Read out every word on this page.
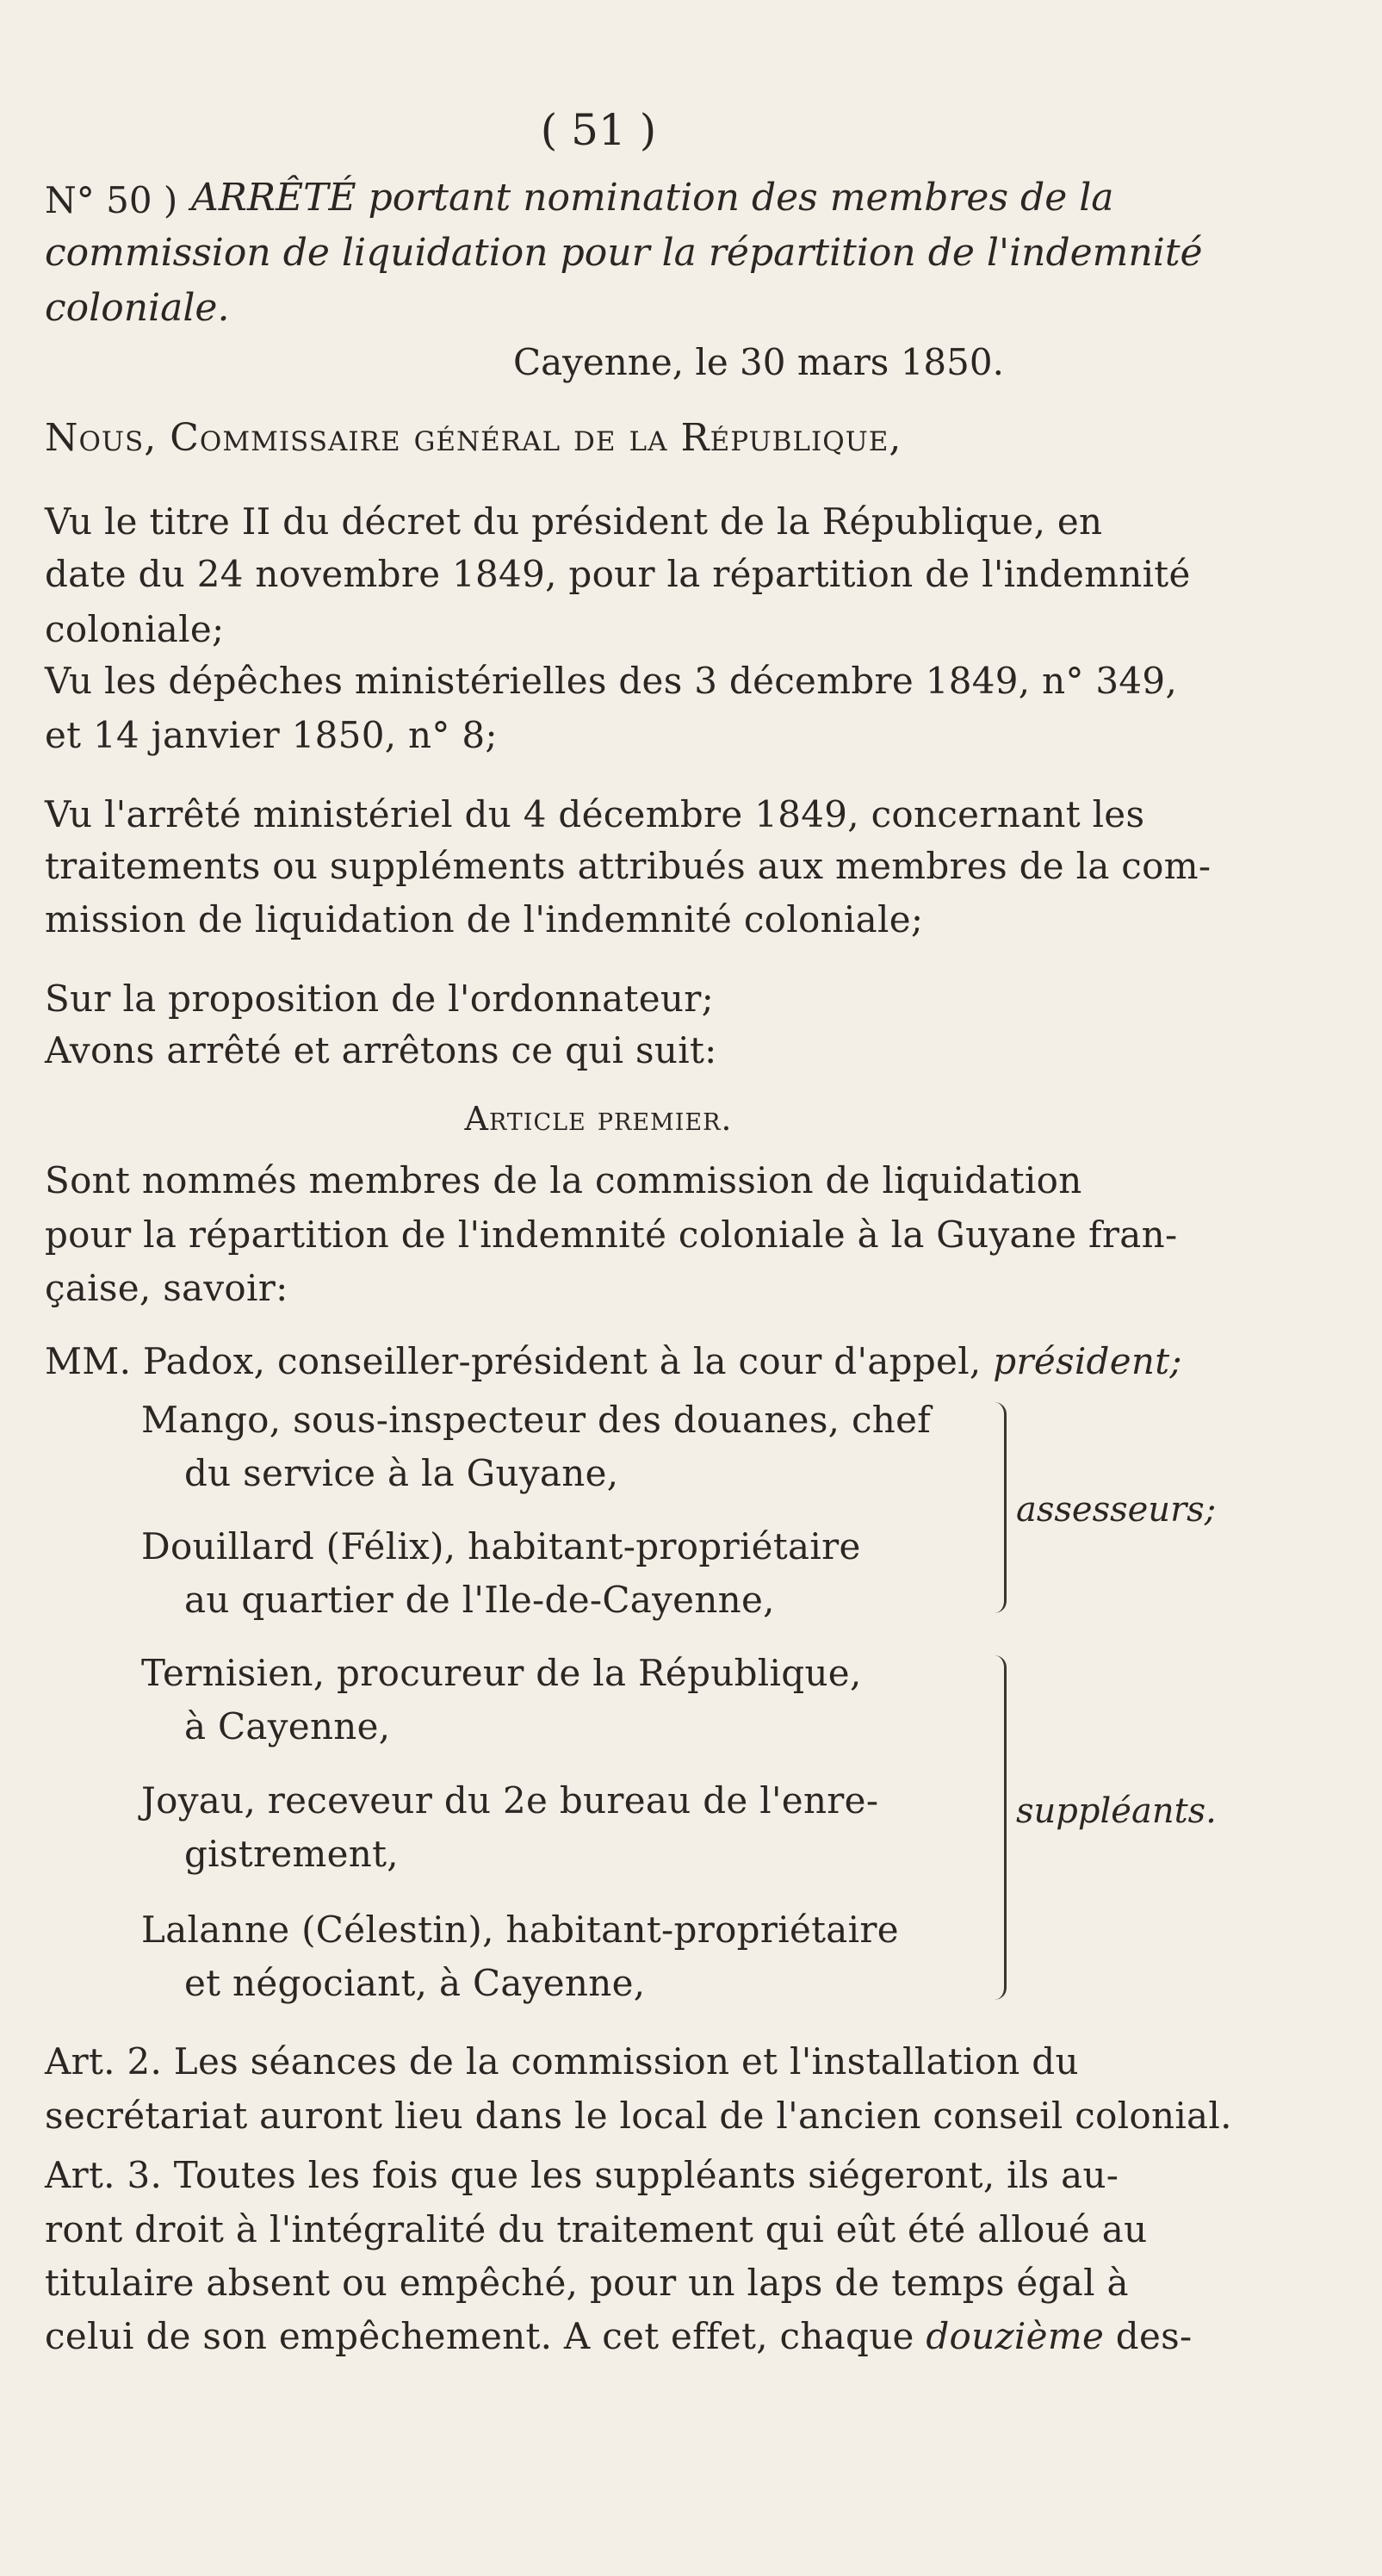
( 51 )
N° 50 ) ARRÊTÉ portant nomination des membres de la
commission de liquidation pour la répartition de l'indemnité
coloniale.
Cayenne, le 30 mars 1850.
Nous, Commissaire général de la République,
Vu le titre II du décret du président de la République, en
date du 24 novembre 1849, pour la répartition de l'indemnité
coloniale;
Vu les dépêches ministérielles des 3 décembre 1849, n° 349,
et 14 janvier 1850, n° 8;
Vu l'arrêté ministériel du 4 décembre 1849, concernant les
traitements ou suppléments attribués aux membres de la com-
mission de liquidation de l'indemnité coloniale;
Sur la proposition de l'ordonnateur;
Avons arrêté et arrêtons ce qui suit:
Article premier.
Sont nommés membres de la commission de liquidation
pour la répartition de l'indemnité coloniale à la Guyane fran-
çaise, savoir:
MM. Padox, conseiller-président à la cour d'appel, président;
Mango, sous-inspecteur des douanes, chef
du service à la Guyane,
Douillard (Félix), habitant-propriétaire
au quartier de l'Ile-de-Cayenne,
assesseurs;
Ternisien, procureur de la République,
à Cayenne,
Joyau, receveur du 2e bureau de l'enre-
gistrement,
Lalanne (Célestin), habitant-propriétaire
et négociant, à Cayenne,
suppléants.
Art. 2. Les séances de la commission et l'installation du
secrétariat auront lieu dans le local de l'ancien conseil colonial.
Art. 3. Toutes les fois que les suppléants siégeront, ils au-
ront droit à l'intégralité du traitement qui eût été alloué au
titulaire absent ou empêché, pour un laps de temps égal à
celui de son empêchement. A cet effet, chaque douzième des-
